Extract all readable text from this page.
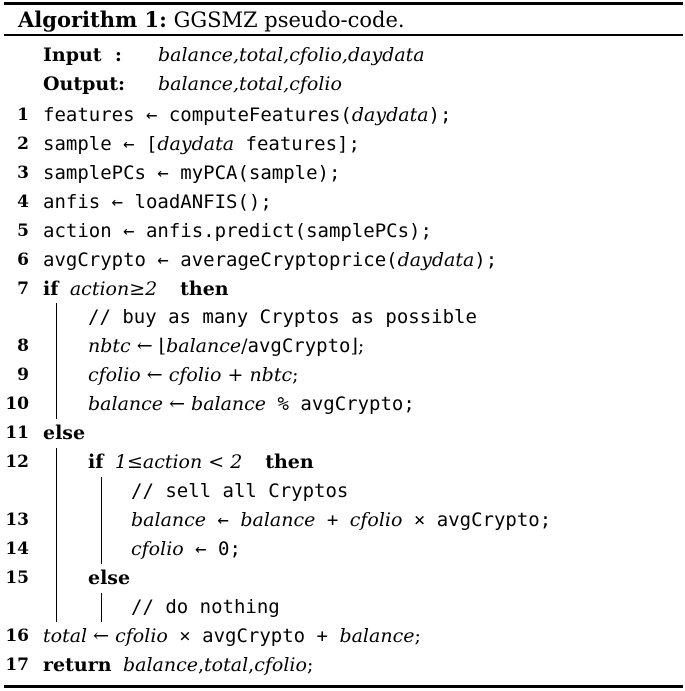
Algorithm 1: GGSMZ pseudo-code.
Input : balance,total,cfolio,daydata
Output: balance,total,cfolio
1 features ← computeFeatures(daydata);
2 sample ← [daydata features];
3 samplePCs ← myPCA(sample);
4 anfis ← loadANFIS();
5 action ← anfis.predict(samplePCs);
6 avgCrypto ← averageCryptoprice(daydata);
7 if action≥2 then
// buy as many Cryptos as possible
8	nbtc ← ⌊balance/avgCrypto⌋;
9	cfolio ← cfolio + nbtc;
10	balance ← balance % avgCrypto;
11 else
12	if 1≤action < 2 then
// sell all Cryptos
13	balance ← balance + cfolio × avgCrypto;
14	cfolio ← 0;
15	else
// do nothing
16 total ← cfolio × avgCrypto + balance;
17 return balance,total,cfolio;
